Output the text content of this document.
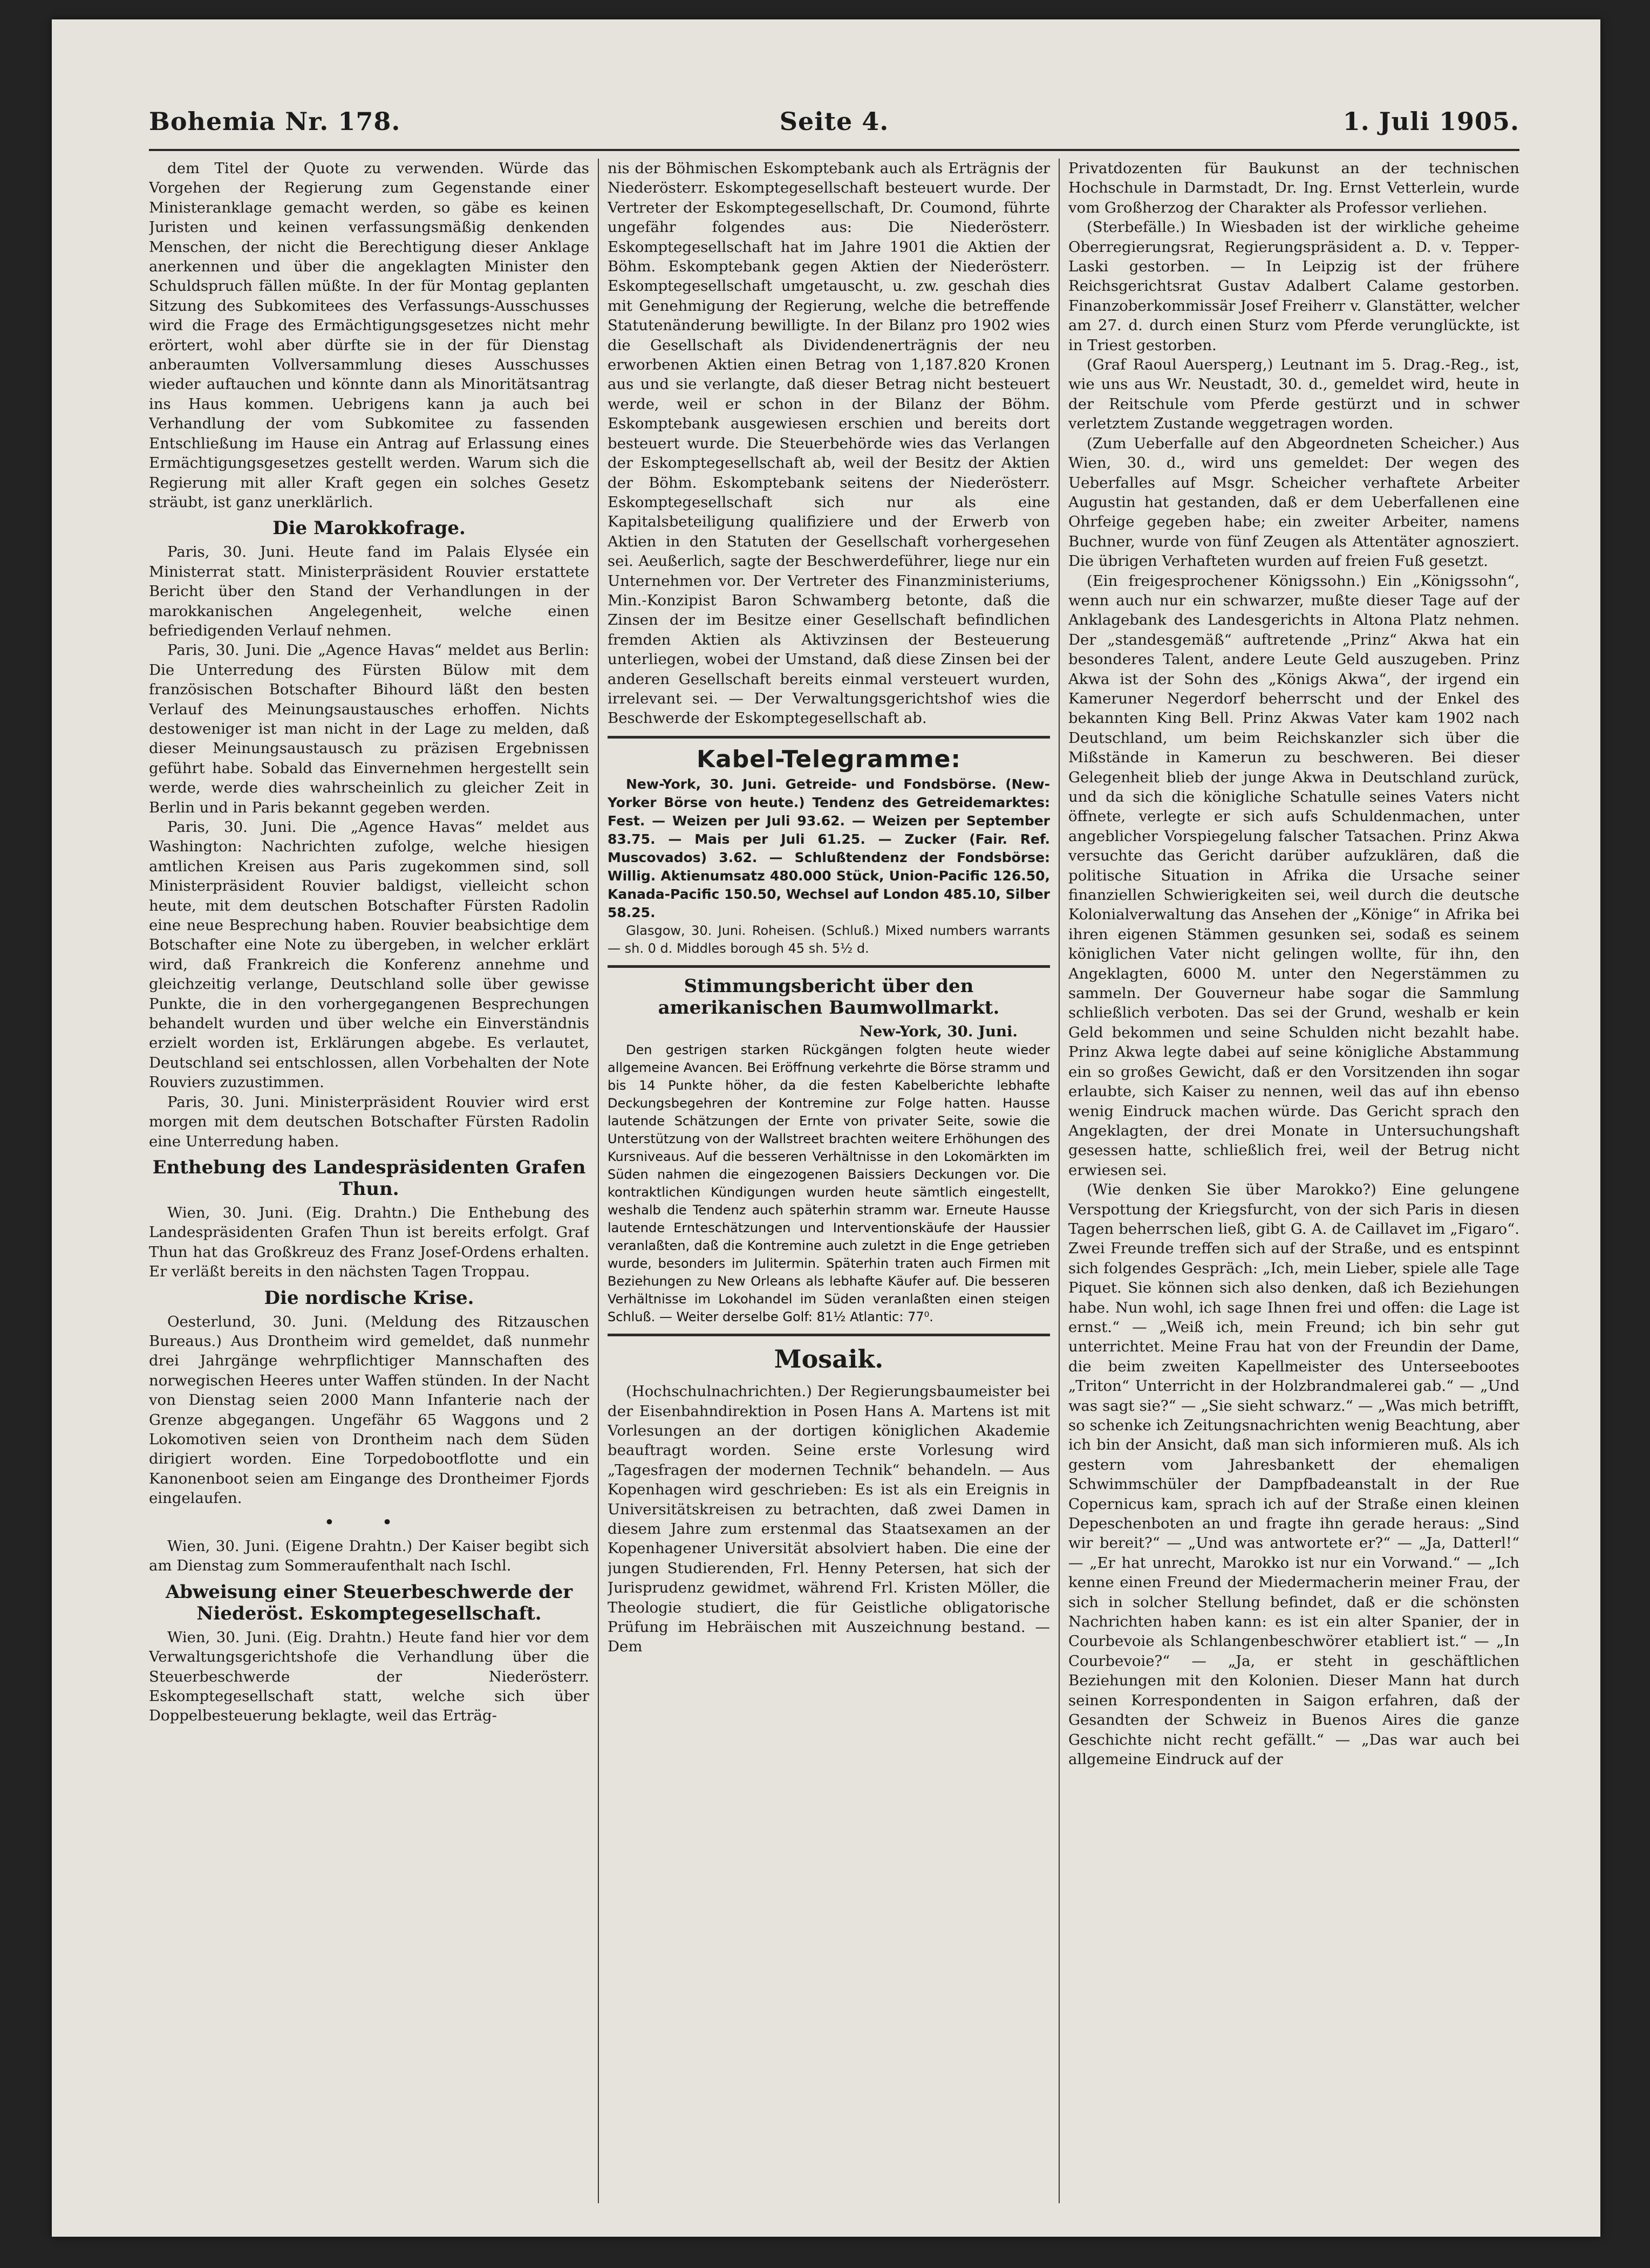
Bohemia Nr. 178.	Seite 4.	1. Juli 1905.

dem Titel der Quote zu verwenden. Würde das Vorgehen der Regierung zum Gegenstande einer Ministeranklage gemacht werden, so gäbe es keinen Juristen und keinen verfassungsmäßig denkenden Menschen, der nicht die Berechtigung dieser Anklage anerkennen und über die angeklagten Minister den Schuldspruch fällen müßte. In der für Montag geplanten Sitzung des Subkomitees des Verfassungs-Ausschusses wird die Frage des Ermächtigungsgesetzes nicht mehr erörtert, wohl aber dürfte sie in der für Dienstag anberaumten Vollversammlung dieses Ausschusses wieder auftauchen und könnte dann als Minoritätsantrag ins Haus kommen. Uebrigens kann ja auch bei Verhandlung der vom Subkomitee zu fassenden Entschließung im Hause ein Antrag auf Erlassung eines Ermächtigungsgesetzes gestellt werden. Warum sich die Regierung mit aller Kraft gegen ein solches Gesetz sträubt, ist ganz unerklärlich.

Die Marokkofrage.

Paris, 30. Juni. Heute fand im Palais Elysée ein Ministerrat statt. Ministerpräsident Rouvier erstattete Bericht über den Stand der Verhandlungen in der marokkanischen Angelegenheit, welche einen befriedigenden Verlauf nehmen.

Paris, 30. Juni. Die „Agence Havas“ meldet aus Berlin: Die Unterredung des Fürsten Bülow mit dem französischen Botschafter Bihourd läßt den besten Verlauf des Meinungsaustausches erhoffen. Nichts destoweniger ist man nicht in der Lage zu melden, daß dieser Meinungsaustausch zu präzisen Ergebnissen geführt habe. Sobald das Einvernehmen hergestellt sein werde, werde dies wahrscheinlich zu gleicher Zeit in Berlin und in Paris bekannt gegeben werden.

Paris, 30. Juni. Die „Agence Havas“ meldet aus Washington: Nachrichten zufolge, welche hiesigen amtlichen Kreisen aus Paris zugekommen sind, soll Ministerpräsident Rouvier baldigst, vielleicht schon heute, mit dem deutschen Botschafter Fürsten Radolin eine neue Besprechung haben. Rouvier beabsichtige dem Botschafter eine Note zu übergeben, in welcher erklärt wird, daß Frankreich die Konferenz annehme und gleichzeitig verlange, Deutschland solle über gewisse Punkte, die in den vorhergegangenen Besprechungen behandelt wurden und über welche ein Einverständnis erzielt worden ist, Erklärungen abgebe. Es verlautet, Deutschland sei entschlossen, allen Vorbehalten der Note Rouviers zuzustimmen.

Paris, 30. Juni. Ministerpräsident Rouvier wird erst morgen mit dem deutschen Botschafter Fürsten Radolin eine Unterredung haben.

Enthebung des Landespräsidenten Grafen Thun.

Wien, 30. Juni. (Eig. Drahtn.) Die Enthebung des Landespräsidenten Grafen Thun ist bereits erfolgt. Graf Thun hat das Großkreuz des Franz Josef-Ordens erhalten. Er verläßt bereits in den nächsten Tagen Troppau.

Die nordische Krise.

Oesterlund, 30. Juni. (Meldung des Ritzauschen Bureaus.) Aus Drontheim wird gemeldet, daß nunmehr drei Jahrgänge wehrpflichtiger Mannschaften des norwegischen Heeres unter Waffen stünden. In der Nacht von Dienstag seien 2000 Mann Infanterie nach der Grenze abgegangen. Ungefähr 65 Waggons und 2 Lokomotiven seien von Drontheim nach dem Süden dirigiert worden. Eine Torpedobootflotte und ein Kanonenboot seien am Eingange des Drontheimer Fjords eingelaufen.

• •

Wien, 30. Juni. (Eigene Drahtn.) Der Kaiser begibt sich am Dienstag zum Sommeraufenthalt nach Ischl.

Abweisung einer Steuerbeschwerde der Niederöst. Eskomptegesellschaft.

Wien, 30. Juni. (Eig. Drahtn.) Heute fand hier vor dem Verwaltungsgerichtshofe die Verhandlung über die Steuerbeschwerde der Niederösterr. Eskomptegesellschaft statt, welche sich über Doppelbesteuerung beklagte, weil das Erträg-

nis der Böhmischen Eskomptebank auch als Erträgnis der Niederösterr. Eskomptegesellschaft besteuert wurde. Der Vertreter der Eskomptegesellschaft, Dr. Coumond, führte ungefähr folgendes aus: Die Niederösterr. Eskomptegesellschaft hat im Jahre 1901 die Aktien der Böhm. Eskomptebank gegen Aktien der Niederösterr. Eskomptegesellschaft umgetauscht, u. zw. geschah dies mit Genehmigung der Regierung, welche die betreffende Statutenänderung bewilligte. In der Bilanz pro 1902 wies die Gesellschaft als Dividendenerträgnis der neu erworbenen Aktien einen Betrag von 1,187.820 Kronen aus und sie verlangte, daß dieser Betrag nicht besteuert werde, weil er schon in der Bilanz der Böhm. Eskomptebank ausgewiesen erschien und bereits dort besteuert wurde. Die Steuerbehörde wies das Verlangen der Eskomptegesellschaft ab, weil der Besitz der Aktien der Böhm. Eskomptebank seitens der Niederösterr. Eskomptegesellschaft sich nur als eine Kapitalsbeteiligung qualifiziere und der Erwerb von Aktien in den Statuten der Gesellschaft vorhergesehen sei. Aeußerlich, sagte der Beschwerdeführer, liege nur ein Unternehmen vor. Der Vertreter des Finanzministeriums, Min.-Konzipist Baron Schwamberg betonte, daß die Zinsen der im Besitze einer Gesellschaft befindlichen fremden Aktien als Aktivzinsen der Besteuerung unterliegen, wobei der Umstand, daß diese Zinsen bei der anderen Gesellschaft bereits einmal versteuert wurden, irrelevant sei. — Der Verwaltungsgerichtshof wies die Beschwerde der Eskomptegesellschaft ab.

Kabel-Telegramme:

New-York, 30. Juni. Getreide- und Fondsbörse. (New-Yorker Börse von heute.) Tendenz des Getreidemarktes: Fest. — Weizen per Juli 93.62. — Weizen per September 83.75. — Mais per Juli 61.25. — Zucker (Fair. Ref. Muscovados) 3.62. — Schlußtendenz der Fondsbörse: Willig. Aktienumsatz 480.000 Stück, Union-Pacific 126.50, Kanada-Pacific 150.50, Wechsel auf London 485.10, Silber 58.25.

Glasgow, 30. Juni. Roheisen. (Schluß.) Mixed numbers warrants — sh. 0 d. Middles borough 45 sh. 5½ d.

Stimmungsbericht über den amerikanischen Baumwollmarkt.
New-York, 30. Juni.

Den gestrigen starken Rückgängen folgten heute wieder allgemeine Avancen. Bei Eröffnung verkehrte die Börse stramm und bis 14 Punkte höher, da die festen Kabelberichte lebhafte Deckungsbegehren der Kontremine zur Folge hatten. Hausse lautende Schätzungen der Ernte von privater Seite, sowie die Unterstützung von der Wallstreet brachten weitere Erhöhungen des Kursniveaus. Auf die besseren Verhältnisse in den Lokomärkten im Süden nahmen die eingezogenen Baissiers Deckungen vor. Die kontraktlichen Kündigungen wurden heute sämtlich eingestellt, weshalb die Tendenz auch späterhin stramm war. Erneute Hausse lautende Ernteschätzungen und Interventionskäufe der Haussier veranlaßten, daß die Kontremine auch zuletzt in die Enge getrieben wurde, besonders im Julitermin. Späterhin traten auch Firmen mit Beziehungen zu New Orleans als lebhafte Käufer auf. Die besseren Verhältnisse im Lokohandel im Süden veranlaßten einen steigen Schluß. — Weiter derselbe Golf: 81½ Atlantic: 77⁰.

Mosaik.

(Hochschulnachrichten.) Der Regierungsbaumeister bei der Eisenbahndirektion in Posen Hans A. Martens ist mit Vorlesungen an der dortigen königlichen Akademie beauftragt worden. Seine erste Vorlesung wird „Tagesfragen der modernen Technik“ behandeln. — Aus Kopenhagen wird geschrieben: Es ist als ein Ereignis in Universitätskreisen zu betrachten, daß zwei Damen in diesem Jahre zum erstenmal das Staatsexamen an der Kopenhagener Universität absolviert haben. Die eine der jungen Studierenden, Frl. Henny Petersen, hat sich der Jurisprudenz gewidmet, während Frl. Kristen Möller, die Theologie studiert, die für Geistliche obligatorische Prüfung im Hebräischen mit Auszeichnung bestand. — Dem

Privatdozenten für Baukunst an der technischen Hochschule in Darmstadt, Dr. Ing. Ernst Vetterlein, wurde vom Großherzog der Charakter als Professor verliehen.

(Sterbefälle.) In Wiesbaden ist der wirkliche geheime Oberregierungsrat, Regierungspräsident a. D. v. Tepper-Laski gestorben. — In Leipzig ist der frühere Reichsgerichtsrat Gustav Adalbert Calame gestorben. Finanzoberkommissär Josef Freiherr v. Glanstätter, welcher am 27. d. durch einen Sturz vom Pferde verunglückte, ist in Triest gestorben.

(Graf Raoul Auersperg,) Leutnant im 5. Drag.-Reg., ist, wie uns aus Wr. Neustadt, 30. d., gemeldet wird, heute in der Reitschule vom Pferde gestürzt und in schwer verletztem Zustande weggetragen worden.

(Zum Ueberfalle auf den Abgeordneten Scheicher.) Aus Wien, 30. d., wird uns gemeldet: Der wegen des Ueberfalles auf Msgr. Scheicher verhaftete Arbeiter Augustin hat gestanden, daß er dem Ueberfallenen eine Ohrfeige gegeben habe; ein zweiter Arbeiter, namens Buchner, wurde von fünf Zeugen als Attentäter agnosziert. Die übrigen Verhafteten wurden auf freien Fuß gesetzt.

(Ein freigesprochener Königssohn.) Ein „Königssohn“, wenn auch nur ein schwarzer, mußte dieser Tage auf der Anklagebank des Landesgerichts in Altona Platz nehmen. Der „standesgemäß“ auftretende „Prinz“ Akwa hat ein besonderes Talent, andere Leute Geld auszugeben. Prinz Akwa ist der Sohn des „Königs Akwa“, der irgend ein Kameruner Negerdorf beherrscht und der Enkel des bekannten King Bell. Prinz Akwas Vater kam 1902 nach Deutschland, um beim Reichskanzler sich über die Mißstände in Kamerun zu beschweren. Bei dieser Gelegenheit blieb der junge Akwa in Deutschland zurück, und da sich die königliche Schatulle seines Vaters nicht öffnete, verlegte er sich aufs Schuldenmachen, unter angeblicher Vorspiegelung falscher Tatsachen. Prinz Akwa versuchte das Gericht darüber aufzuklären, daß die politische Situation in Afrika die Ursache seiner finanziellen Schwierigkeiten sei, weil durch die deutsche Kolonialverwaltung das Ansehen der „Könige“ in Afrika bei ihren eigenen Stämmen gesunken sei, sodaß es seinem königlichen Vater nicht gelingen wollte, für ihn, den Angeklagten, 6000 M. unter den Negerstämmen zu sammeln. Der Gouverneur habe sogar die Sammlung schließlich verboten. Das sei der Grund, weshalb er kein Geld bekommen und seine Schulden nicht bezahlt habe. Prinz Akwa legte dabei auf seine königliche Abstammung ein so großes Gewicht, daß er den Vorsitzenden ihn sogar erlaubte, sich Kaiser zu nennen, weil das auf ihn ebenso wenig Eindruck machen würde. Das Gericht sprach den Angeklagten, der drei Monate in Untersuchungshaft gesessen hatte, schließlich frei, weil der Betrug nicht erwiesen sei.

(Wie denken Sie über Marokko?) Eine gelungene Verspottung der Kriegsfurcht, von der sich Paris in diesen Tagen beherrschen ließ, gibt G. A. de Caillavet im „Figaro“. Zwei Freunde treffen sich auf der Straße, und es entspinnt sich folgendes Gespräch: „Ich, mein Lieber, spiele alle Tage Piquet. Sie können sich also denken, daß ich Beziehungen habe. Nun wohl, ich sage Ihnen frei und offen: die Lage ist ernst.“ — „Weiß ich, mein Freund; ich bin sehr gut unterrichtet. Meine Frau hat von der Freundin der Dame, die beim zweiten Kapellmeister des Unterseebootes „Triton“ Unterricht in der Holzbrandmalerei gab.“ — „Und was sagt sie?“ — „Sie sieht schwarz.“ — „Was mich betrifft, so schenke ich Zeitungsnachrichten wenig Beachtung, aber ich bin der Ansicht, daß man sich informieren muß. Als ich gestern vom Jahresbankett der ehemaligen Schwimmschüler der Dampfbadeanstalt in der Rue Copernicus kam, sprach ich auf der Straße einen kleinen Depeschenboten an und fragte ihn gerade heraus: „Sind wir bereit?“ — „Und was antwortete er?“ — „Ja, Datterl!“ — „Er hat unrecht, Marokko ist nur ein Vorwand.“ — „Ich kenne einen Freund der Miedermacherin meiner Frau, der sich in solcher Stellung befindet, daß er die schönsten Nachrichten haben kann: es ist ein alter Spanier, der in Courbevoie als Schlangenbeschwörer etabliert ist.“ — „In Courbevoie?“ — „Ja, er steht in geschäftlichen Beziehungen mit den Kolonien. Dieser Mann hat durch seinen Korrespondenten in Saigon erfahren, daß der Gesandten der Schweiz in Buenos Aires die ganze Geschichte nicht recht gefällt.“ — „Das war auch bei allgemeine Eindruck auf der
